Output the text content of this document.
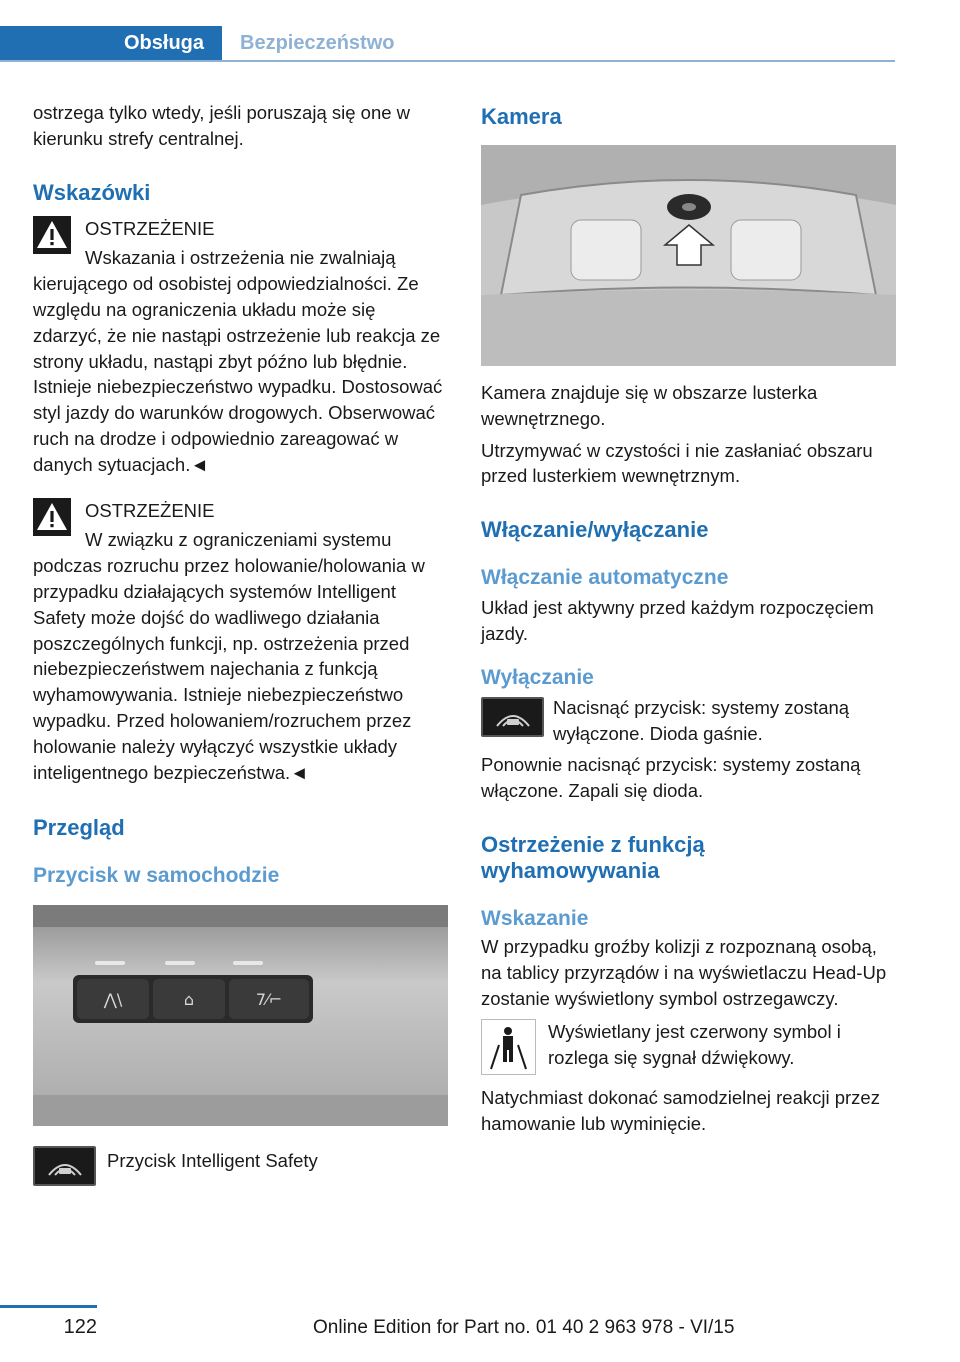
Obsługa	Bezpieczeństwo

ostrzega tylko wtedy, jeśli poruszają się one w kierunku strefy centralnej.

Wskazówki
OSTRZEŻENIE

Wskazania i ostrzeżenia nie zwalniają kierującego od osobistej odpowiedzialności. Ze względu na ograniczenia układu może się zdarzyć, że nie nastąpi ostrzeżenie lub reakcja ze strony układu, nastąpi zbyt późno lub błędnie. Istnieje niebezpieczeństwo wypadku. Dostosować styl jazdy do warunków drogowych. Obserwować ruch na drodze i odpowiednio zareagować w danych sytuacjach.◄

OSTRZEŻENIE

W związku z ograniczeniami systemu podczas rozruchu przez holowanie/holowania w przypadku działających systemów Intelligent Safety może dojść do wadliwego działania poszczególnych funkcji, np. ostrzeżenia przed niebezpieczeństwem najechania z funkcją wyhamowywania. Istnieje niebezpieczeństwo wypadku. Przed holowaniem/rozruchem przez holowanie należy wyłączyć wszystkie układy inteligentnego bezpieczeństwa.◄

Przegląd
Przycisk w samochodzie
⋀\	⌂	7⁄⌐
Przycisk Intelligent Safety
Kamera

Kamera znajduje się w obszarze lusterka wewnętrznego.

Utrzymywać w czystości i nie zasłaniać obszaru przed lusterkiem wewnętrznym.

Włączanie/wyłączanie
Włączanie automatyczne

Układ jest aktywny przed każdym rozpoczęciem jazdy.

Wyłączanie

Nacisnąć przycisk: systemy zostaną wyłączone. Dioda gaśnie.

Ponownie nacisnąć przycisk: systemy zostaną włączone. Zapali się dioda.

Ostrzeżenie z funkcją wyhamowywania
Wskazanie

W przypadku groźby kolizji z rozpoznaną osobą, na tablicy przyrządów i na wyświetlaczu Head-Up zostanie wyświetlony symbol ostrzegawczy.

Wyświetlany jest czerwony symbol i rozlega się sygnał dźwiękowy.

Natychmiast dokonać samodzielnej reakcji przez hamowanie lub wyminięcie.

122	Online Edition for Part no. 01 40 2 963 978 - VI/15
